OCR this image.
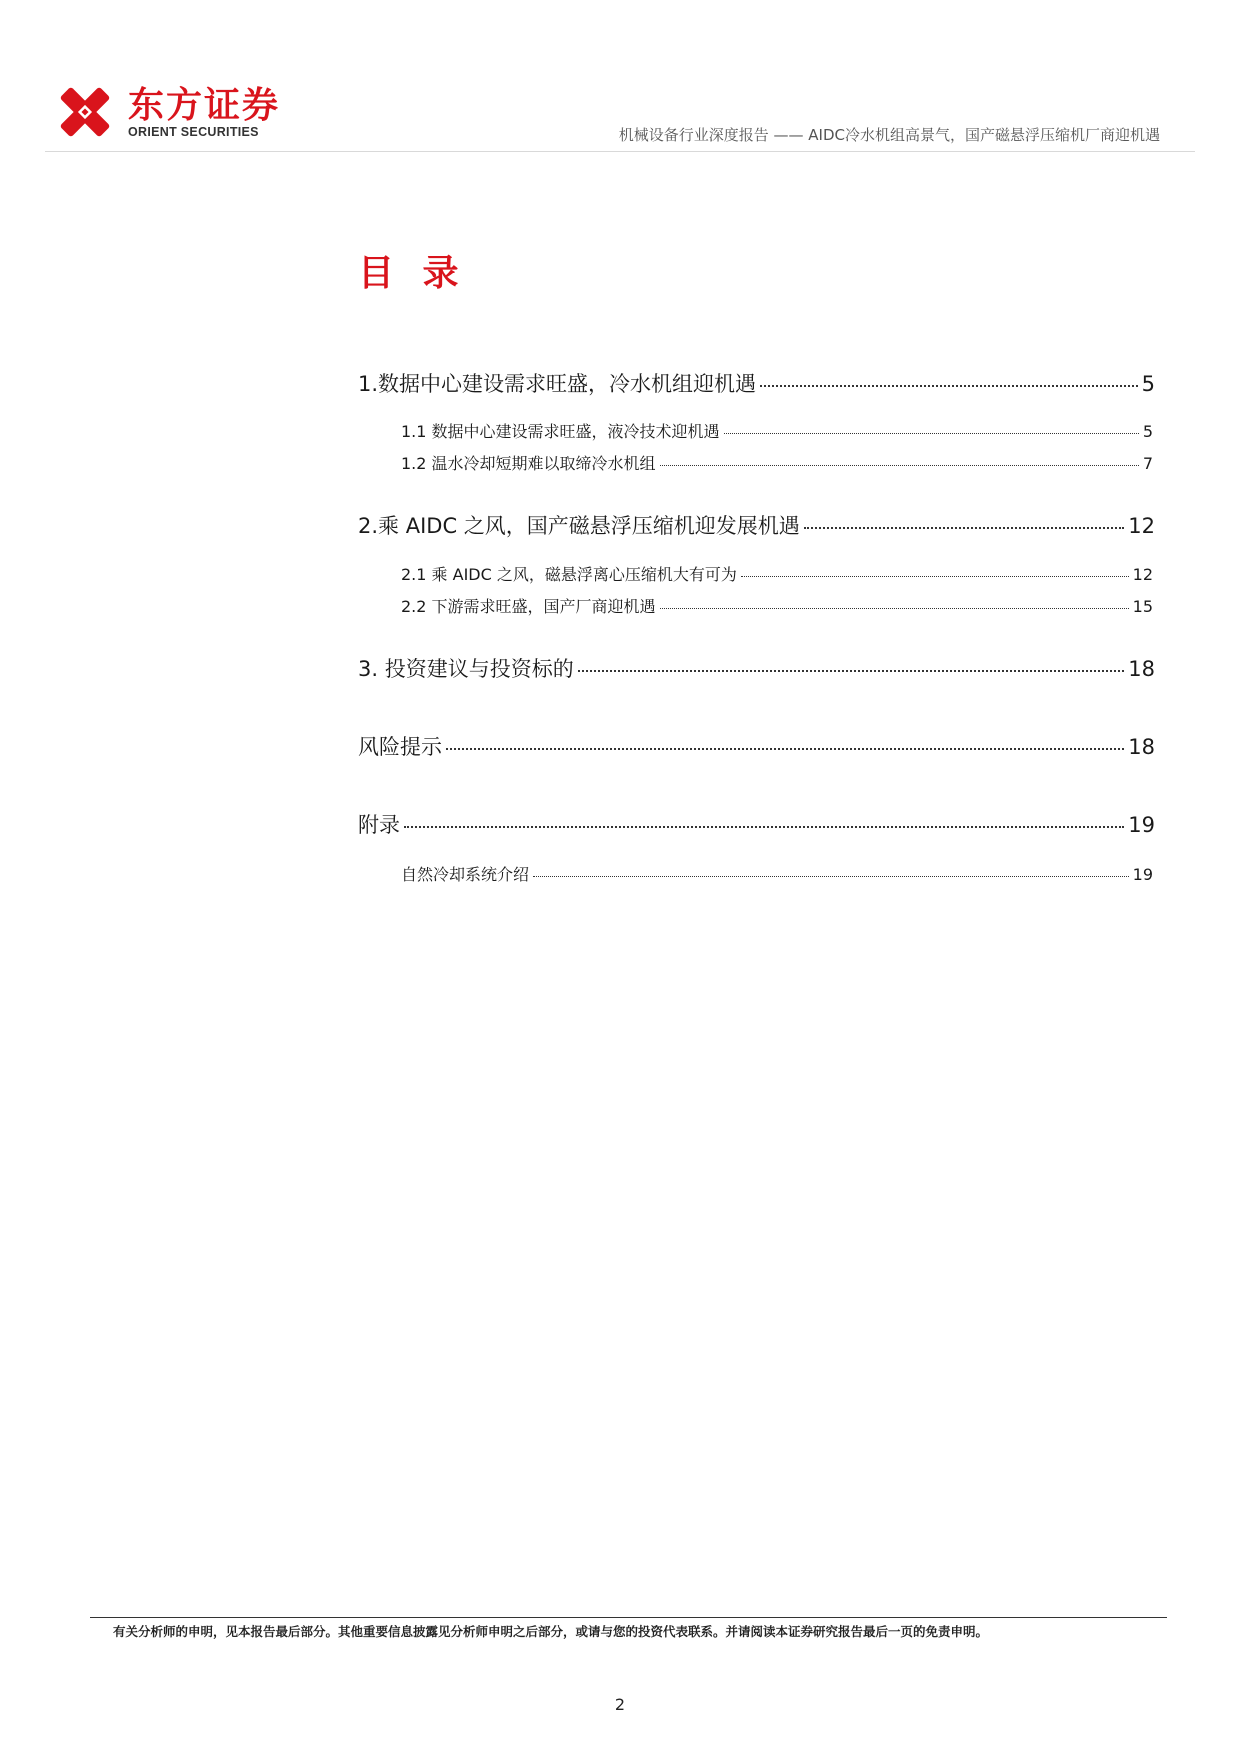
东方证券
ORIENT SECURITIES	机械设备行业深度报告 —— AIDC冷水机组高景气，国产磁悬浮压缩机厂商迎机遇
目 录
1.数据中心建设需求旺盛，冷水机组迎机遇	5
1.1 数据中心建设需求旺盛，液冷技术迎机遇	5
1.2 温水冷却短期难以取缔冷水机组	7
2.乘 AIDC 之风，国产磁悬浮压缩机迎发展机遇	12
2.1 乘 AIDC 之风，磁悬浮离心压缩机大有可为	12
2.2 下游需求旺盛，国产厂商迎机遇	15
3. 投资建议与投资标的	18
风险提示	18
附录	19
自然冷却系统介绍	19
有关分析师的申明，见本报告最后部分。其他重要信息披露见分析师申明之后部分，或请与您的投资代表联系。并请阅读本证券研究报告最后一页的免责申明。
2
